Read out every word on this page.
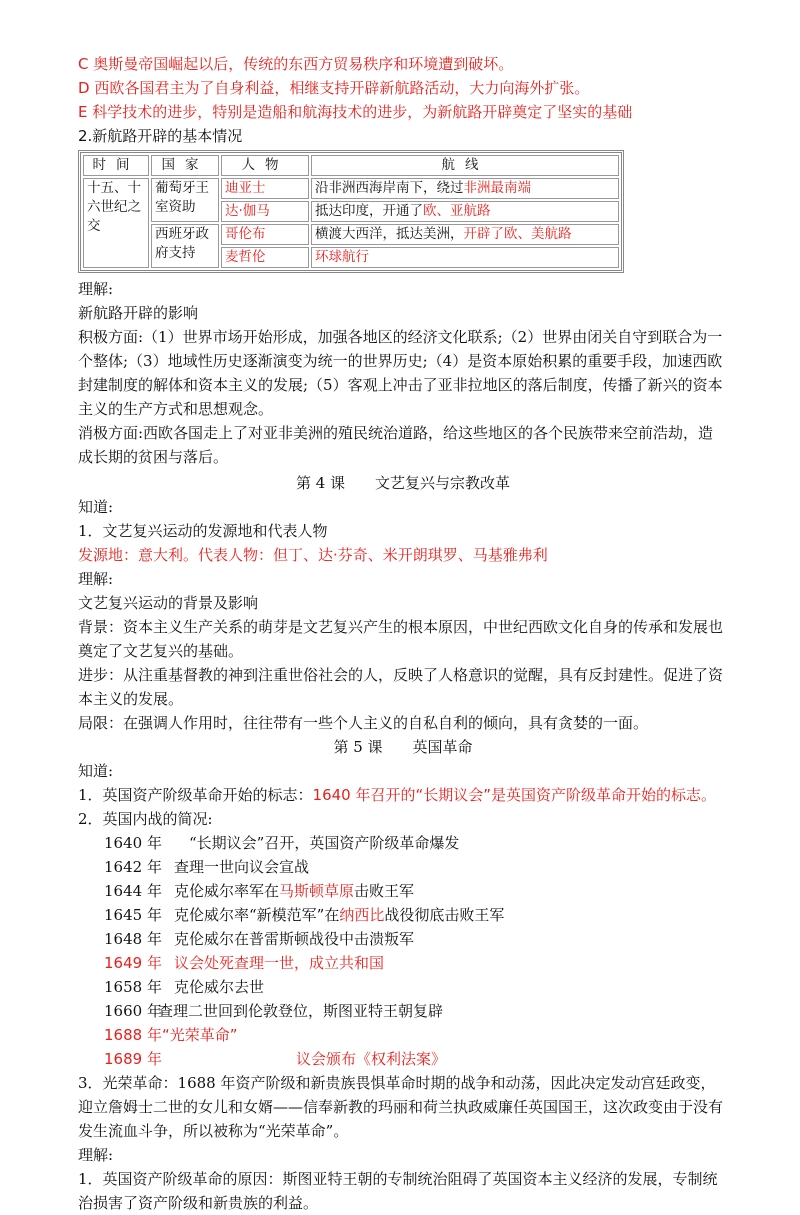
C 奥斯曼帝国崛起以后，传统的东西方贸易秩序和环境遭到破坏。
D 西欧各国君主为了自身利益，相继支持开辟新航路活动，大力向海外扩张。
E 科学技术的进步，特别是造船和航海技术的进步，为新航路开辟奠定了坚实的基础
2.新航路开辟的基本情况
时间	国家	人物	航线
十五、十六世纪之交	葡萄牙王室资助	迪亚士	沿非洲西海岸南下，绕过非洲最南端
		达·伽马	抵达印度，开通了欧、亚航路
	西班牙政府支持	哥伦布	横渡大西洋，抵达美洲，开辟了欧、美航路
		麦哲伦	环球航行
理解:
新航路开辟的影响
积极方面:（1）世界市场开始形成，加强各地区的经济文化联系;（2）世界由闭关自守到联合为一个整体;（3）地域性历史逐渐演变为统一的世界历史;（4）是资本原始积累的重要手段，加速西欧封建制度的解体和资本主义的发展;（5）客观上冲击了亚非拉地区的落后制度，传播了新兴的资本主义的生产方式和思想观念。
消极方面:西欧各国走上了对亚非美洲的殖民统治道路，给这些地区的各个民族带来空前浩劫，造成长期的贫困与落后。
第 4 课　　文艺复兴与宗教改革
知道:
1．文艺复兴运动的发源地和代表人物
发源地：意大利。代表人物：但丁、达·芬奇、米开朗琪罗、马基雅弗利
理解:
文艺复兴运动的背景及影响
背景：资本主义生产关系的萌芽是文艺复兴产生的根本原因，中世纪西欧文化自身的传承和发展也奠定了文艺复兴的基础。
进步：从注重基督教的神到注重世俗社会的人，反映了人格意识的觉醒，具有反封建性。促进了资本主义的发展。
局限：在强调人作用时，往往带有一些个人主义的自私自利的倾向，具有贪婪的一面。
第 5 课　　英国革命
知道:
1．英国资产阶级革命开始的标志：1640 年召开的“长期议会”是英国资产阶级革命开始的标志。
2．英国内战的简况:
1640 年　“长期议会”召开，英国资产阶级革命爆发
1642 年 查理一世向议会宣战
1644 年 克伦威尔率军在马斯顿草原击败王军
1645 年 克伦威尔率“新模范军”在纳西比战役彻底击败王军
1648 年 克伦威尔在普雷斯顿战役中击溃叛军
1649 年 议会处死查理一世，成立共和国
1658 年 克伦威尔去世
1660 年查理二世回到伦敦登位，斯图亚特王朝复辟
1688 年“光荣革命”
1689 年	议会颁布《权利法案》
3．光荣革命：1688 年资产阶级和新贵族畏惧革命时期的战争和动荡，因此决定发动宫廷政变，迎立詹姆士二世的女儿和女婿——信奉新教的玛丽和荷兰执政威廉任英国国王，这次政变由于没有发生流血斗争，所以被称为“光荣革命”。
理解:
1．英国资产阶级革命的原因：斯图亚特王朝的专制统治阻碍了英国资本主义经济的发展，专制统治损害了资产阶级和新贵族的利益。
